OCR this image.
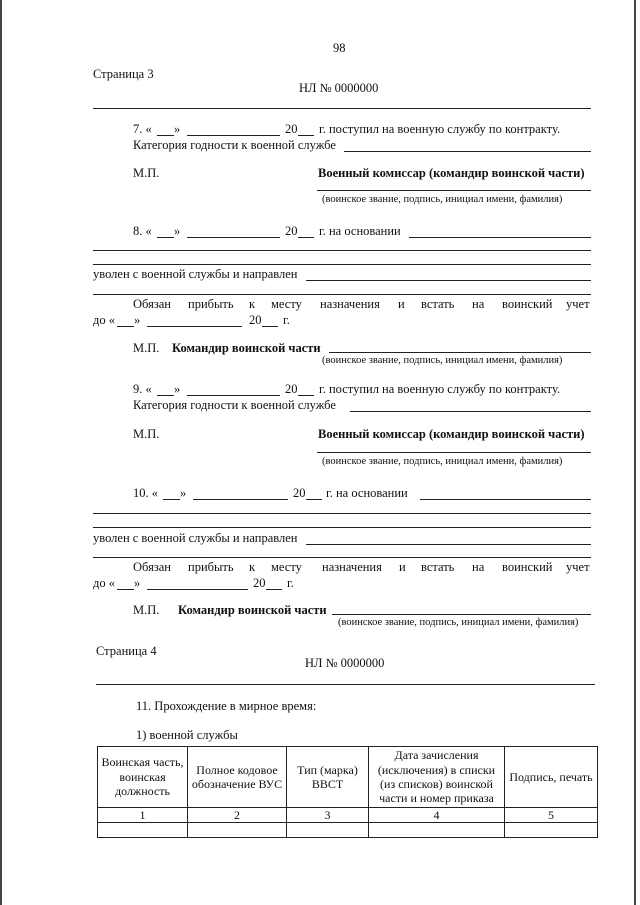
98
Страница 3
НЛ № 0000000
7. « »	20 г. поступил на военную службу по контракту.
Категория годности к военной службе
М.П.	Военный комиссар (командир воинской части)
(воинское звание, подпись, инициал имени, фамилия)
8. « »	20 г. на основании
уволен с военной службы и направлен
Обязан прибыть к месту назначения и встать на воинский учет
до « »	20 г.
М.П. Командир воинской части
(воинское звание, подпись, инициал имени, фамилия)
9. « »	20 г. поступил на военную службу по контракту.
Категория годности к военной службе
М.П.	Военный комиссар (командир воинской части)
(воинское звание, подпись, инициал имени, фамилия)
10. « »	20 г. на основании
уволен с военной службы и направлен
Обязан прибыть к месту назначения и встать на воинский учет
до « »	20 г.
М.П. Командир воинской части
(воинское звание, подпись, инициал имени, фамилия)
Страница 4
НЛ № 0000000
11. Прохождение в мирное время:
1) военной службы
Воинская часть, воинская должность	Полное кодовое обозначение ВУС	Тип (марка) ВВСТ	Дата зачисления (исключения) в списки (из списков) воинской части и номер приказа	Подпись, печать
1	2	3	4	5
